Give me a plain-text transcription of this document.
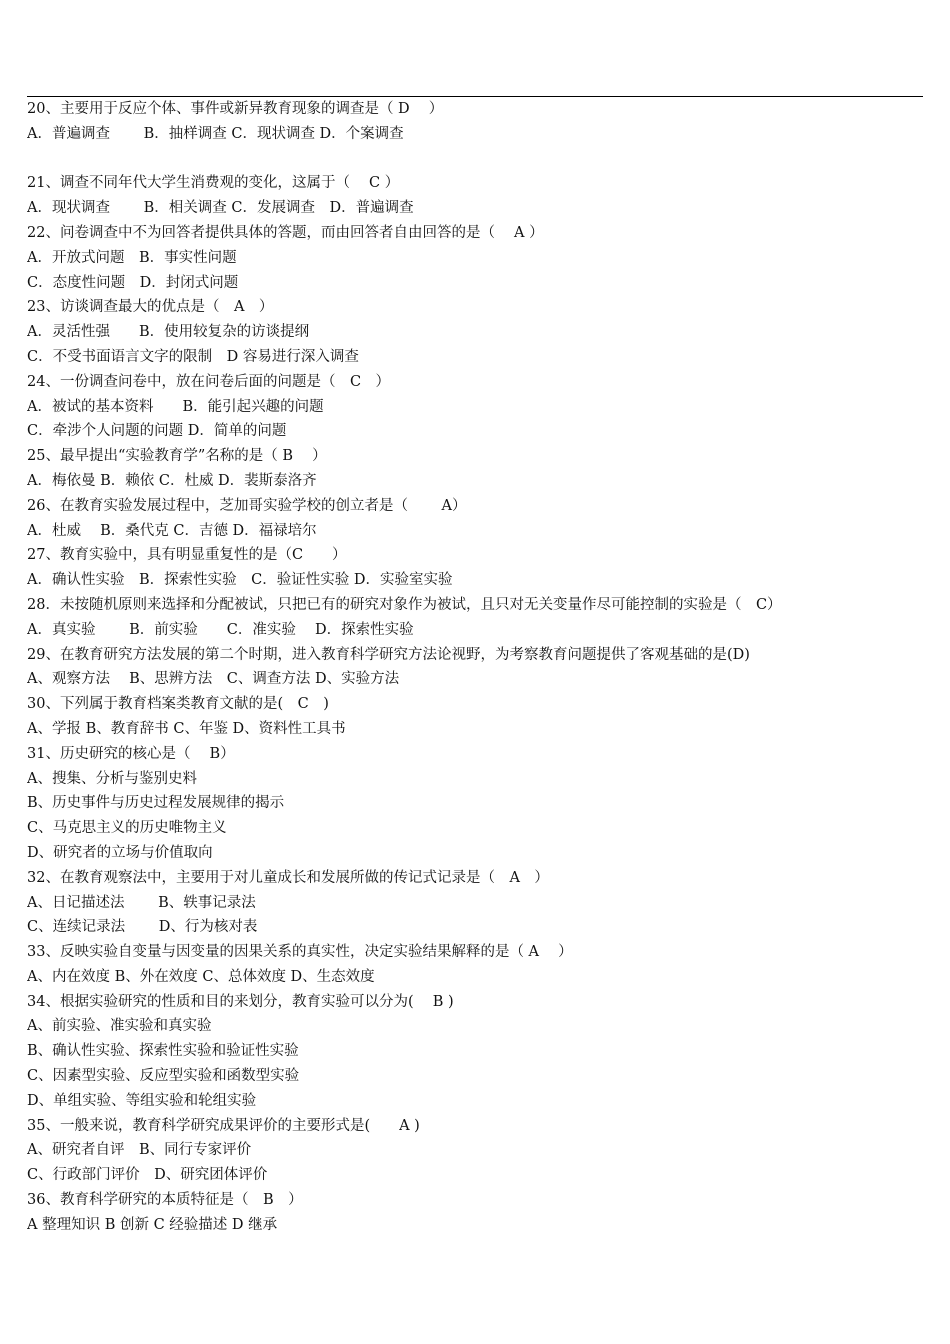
20、主要用于反应个体、事件或新异教育现象的调查是（ D　 ）
A．普遍调查　　 B．抽样调查 C．现状调查 D．个案调查
21、调查不同年代大学生消费观的变化，这属于（　 C ）
A．现状调查　　 B．相关调查 C．发展调查　D．普遍调查
22、问卷调查中不为回答者提供具体的答题，而由回答者自由回答的是（　 A ）
A．开放式问题　B．事实性问题
C．态度性问题　D．封闭式问题
23、访谈调查最大的优点是（　A　）
A．灵活性强　　B．使用较复杂的访谈提纲
C．不受书面语言文字的限制　D 容易进行深入调查
24、一份调查问卷中，放在问卷后面的问题是（　C　）
A．被试的基本资料　　B．能引起兴趣的问题
C．牵涉个人问题的问题 D．简单的问题
25、最早提出“实验教育学”名称的是（ B　 ）
A．梅依曼 B．赖依 C．杜威 D．裴斯泰洛齐
26、在教育实验发展过程中，芝加哥实验学校的创立者是（　　 A）
A．杜威　 B．桑代克 C．吉德 D．福禄培尔
27、教育实验中，具有明显重复性的是（C　　）
A．确认性实验　B．探索性实验　C．验证性实验 D．实验室实验
28．未按随机原则来选择和分配被试，只把已有的研究对象作为被试，且只对无关变量作尽可能控制的实验是（　C）
A．真实验　　 B．前实验　　C．准实验　 D．探索性实验
29、在教育研究方法发展的第二个时期，进入教育科学研究方法论视野，为考察教育问题提供了客观基础的是(D)
A、观察方法　 B、思辨方法　C、调查方法 D、实验方法
30、下列属于教育档案类教育文献的是(　C　)
A、学报 B、教育辞书 C、年鉴 D、资料性工具书
31、历史研究的核心是（　 B）
A、搜集、分析与鉴别史料
B、历史事件与历史过程发展规律的揭示
C、马克思主义的历史唯物主义
D、研究者的立场与价值取向
32、在教育观察法中，主要用于对儿童成长和发展所做的传记式记录是（　A　）
A、日记描述法　　 B、轶事记录法
C、连续记录法　　 D、行为核对表
33、反映实验自变量与因变量的因果关系的真实性，决定实验结果解释的是（ A　 ）
A、内在效度 B、外在效度 C、总体效度 D、生态效度
34、根据实验研究的性质和目的来划分，教育实验可以分为(　 B )
A、前实验、准实验和真实验
B、确认性实验、探索性实验和验证性实验
C、因素型实验、反应型实验和函数型实验
D、单组实验、等组实验和轮组实验
35、一般来说，教育科学研究成果评价的主要形式是(　　A )
A、研究者自评　B、同行专家评价
C、行政部门评价　D、研究团体评价
36、教育科学研究的本质特征是（　B　）
A 整理知识 B 创新 C 经验描述 D 继承
